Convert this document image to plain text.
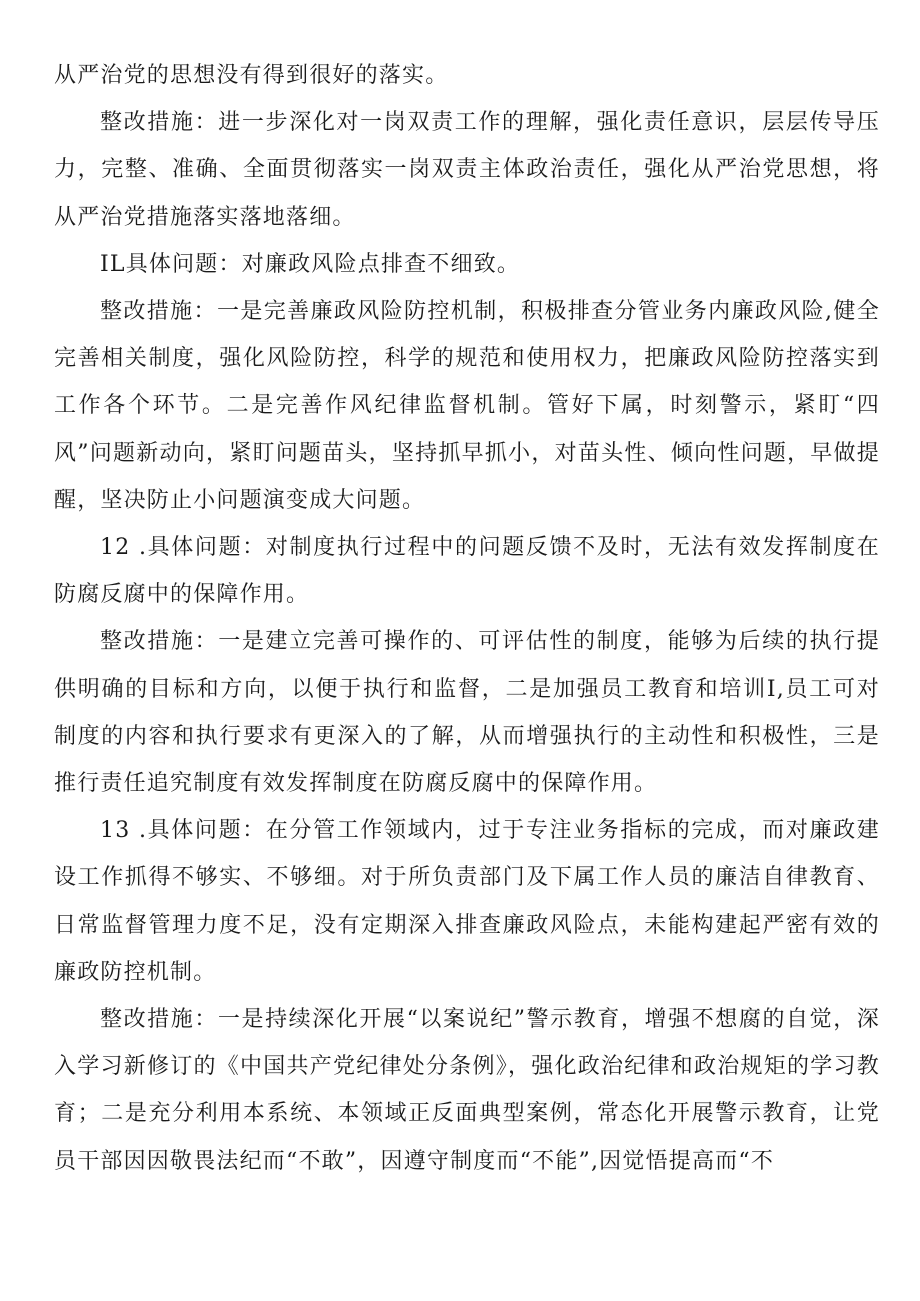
从严治党的思想没有得到很好的落实。

整改措施：进一步深化对一岗双责工作的理解，强化责任意识，层层传导压力，完整、准确、全面贯彻落实一岗双责主体政治责任，强化从严治党思想，将从严治党措施落实落地落细。

IL具体问题：对廉政风险点排查不细致。

整改措施：一是完善廉政风险防控机制，积极排查分管业务内廉政风险,健全完善相关制度，强化风险防控，科学的规范和使用权力，把廉政风险防控落实到工作各个环节。二是完善作风纪律监督机制。管好下属，时刻警示，紧盯“四风”问题新动向，紧盯问题苗头，坚持抓早抓小，对苗头性、倾向性问题，早做提醒，坚决防止小问题演变成大问题。

12 .具体问题：对制度执行过程中的问题反馈不及时，无法有效发挥制度在防腐反腐中的保障作用。

整改措施：一是建立完善可操作的、可评估性的制度，能够为后续的执行提供明确的目标和方向，以便于执行和监督，二是加强员工教育和培训I,员工可对制度的内容和执行要求有更深入的了解，从而增强执行的主动性和积极性，三是推行责任追究制度有效发挥制度在防腐反腐中的保障作用。

13 .具体问题：在分管工作领域内，过于专注业务指标的完成，而对廉政建设工作抓得不够实、不够细。对于所负责部门及下属工作人员的廉洁自律教育、日常监督管理力度不足，没有定期深入排查廉政风险点，未能构建起严密有效的廉政防控机制。

整改措施：一是持续深化开展“以案说纪”警示教育，增强不想腐的自觉，深入学习新修订的《中国共产党纪律处分条例》，强化政治纪律和政治规矩的学习教育；二是充分利用本系统、本领域正反面典型案例，常态化开展警示教育，让党员干部因因敬畏法纪而“不敢”，因遵守制度而“不能”,因觉悟提高而“不
